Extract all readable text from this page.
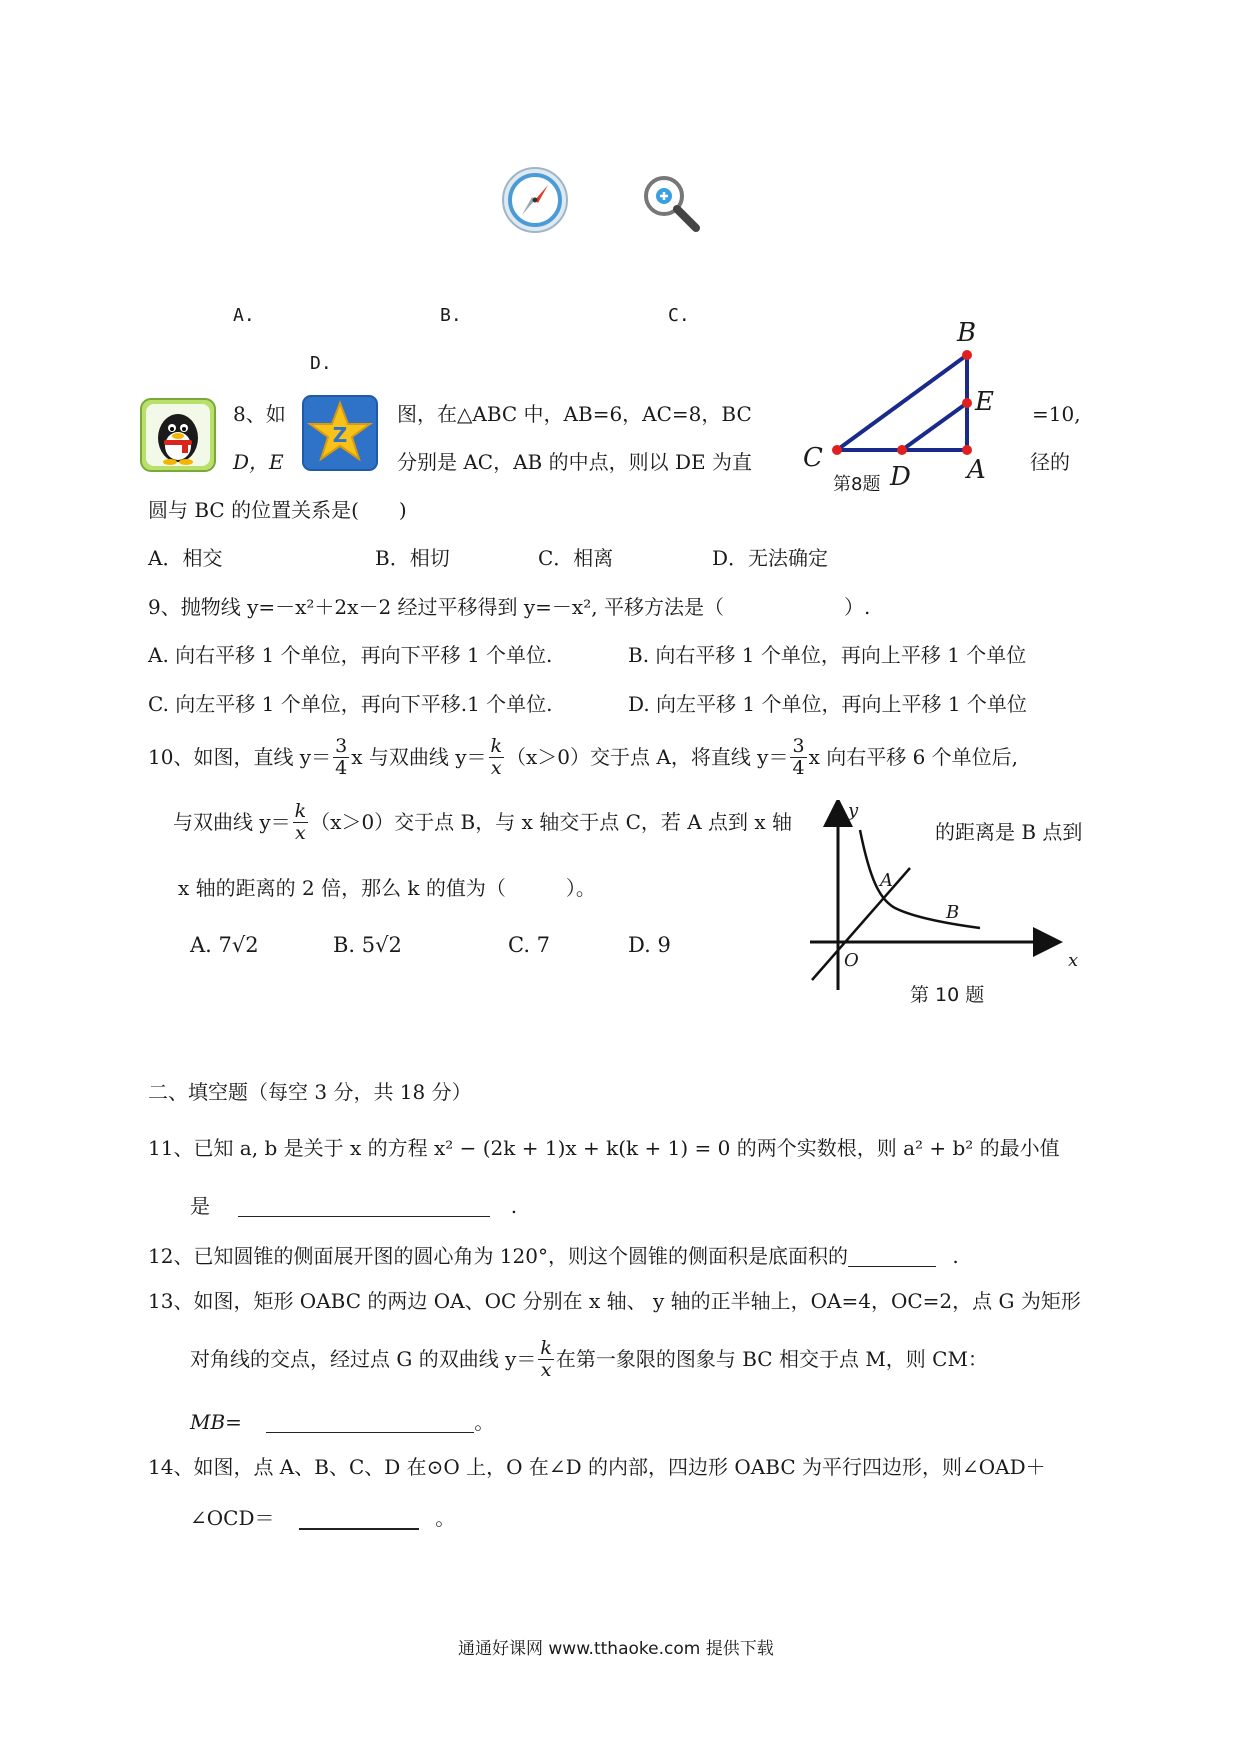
A.	B.	C.
D.
Z
8、如	图，在△ABC 中，AB=6，AC=8，BC	=10,
D，E	分别是 AC，AB 的中点，则以 DE 为直	径的
圆与 BC 的位置关系是(　　)
B
E
C
D A
第8题
A．相交	B．相切	C．相离	D．无法确定
9、抛物线 y=－x²＋2x－2 经过平移得到 y=－x², 平移方法是（　　　　　　）.
A. 向右平移 1 个单位，再向下平移 1 个单位.	B. 向右平移 1 个单位，再向上平移 1 个单位
C. 向左平移 1 个单位，再向下平移.1 个单位.	D. 向左平移 1 个单位，再向上平移 1 个单位
10、如图，直线 $y= \frac{3}{4}$ x 与双曲线 $y= \frac{k}{x} (x>0)$交于点 A，将直线 $y= \frac{3}{4}$ x 向右平移 6 个单位后,
与双曲线 $y= \frac{k}{x} (x>0)$交于点 B，与 x 轴交于点 C，若 A 点到 x 轴	的距离是 B 点到
x 轴的距离的 2 倍，那么 k 的值为（　　　）。
A. 7√2	B. 5√2	C. 7	D. 9
y
x
O
A
B
第 10 题
二、填空题（每空 3 分，共 18 分）
11、已知 a, b 是关于 x 的方程 x² − (2k + 1)x + k(k + 1) = 0 的两个实数根，则 a² + b² 的最小值
是	.
12、已知圆锥的侧面展开图的圆心角为 120°，则这个圆锥的侧面积是底面积的	.
13、如图，矩形 OABC 的两边 OA、OC 分别在 x 轴、 y 轴的正半轴上，OA=4，OC=2，点 G 为矩形
对角线的交点，经过点 G 的双曲线 $y= \frac{k}{x}$ 在第一象限的图象与 BC 相交于点 M，则 CM：
MB=	。
14、如图，点 A、B、C、D 在⊙O 上，O 在∠D 的内部，四边形 OABC 为平行四边形，则∠OAD＋
∠OCD＝	。
通通好课网 www.tthaoke.com 提供下载
